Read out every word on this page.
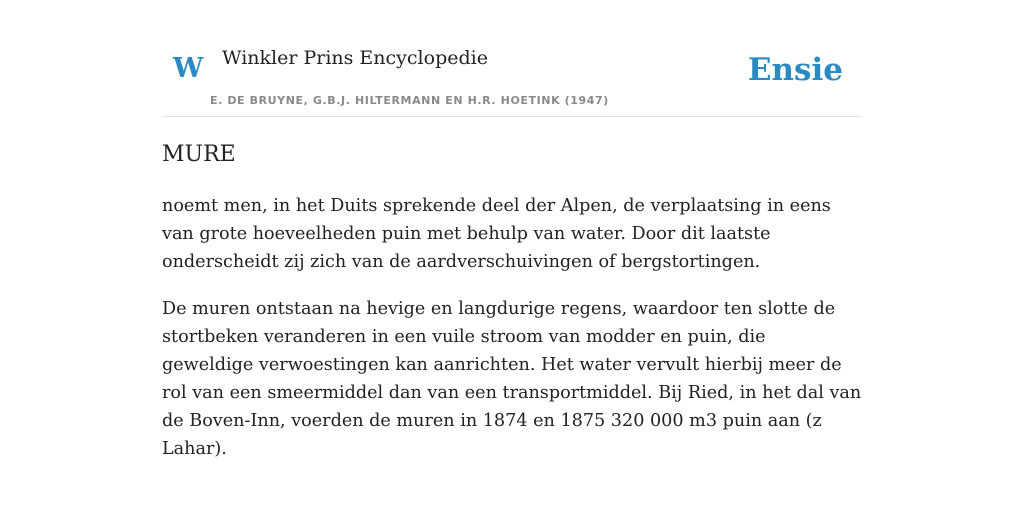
W Winkler Prins Encyclopedie
E. DE BRUYNE, G.B.J. HILTERMANN EN H.R. HOETINK (1947)
Ensie
MURE

noemt men, in het Duits sprekende deel der Alpen, de verplaatsing in eens van grote hoeveelheden puin met behulp van water. Door dit laatste onderscheidt zij zich van de aardverschuivingen of bergstortingen.

De muren ontstaan na hevige en langdurige regens, waardoor ten slotte de stortbeken veranderen in een vuile stroom van modder en puin, die geweldige verwoestingen kan aanrichten. Het water vervult hierbij meer de rol van een smeermiddel dan van een transportmiddel. Bij Ried, in het dal van de Boven-Inn, voerden de muren in 1874 en 1875 320 000 m3 puin aan (z Lahar).
